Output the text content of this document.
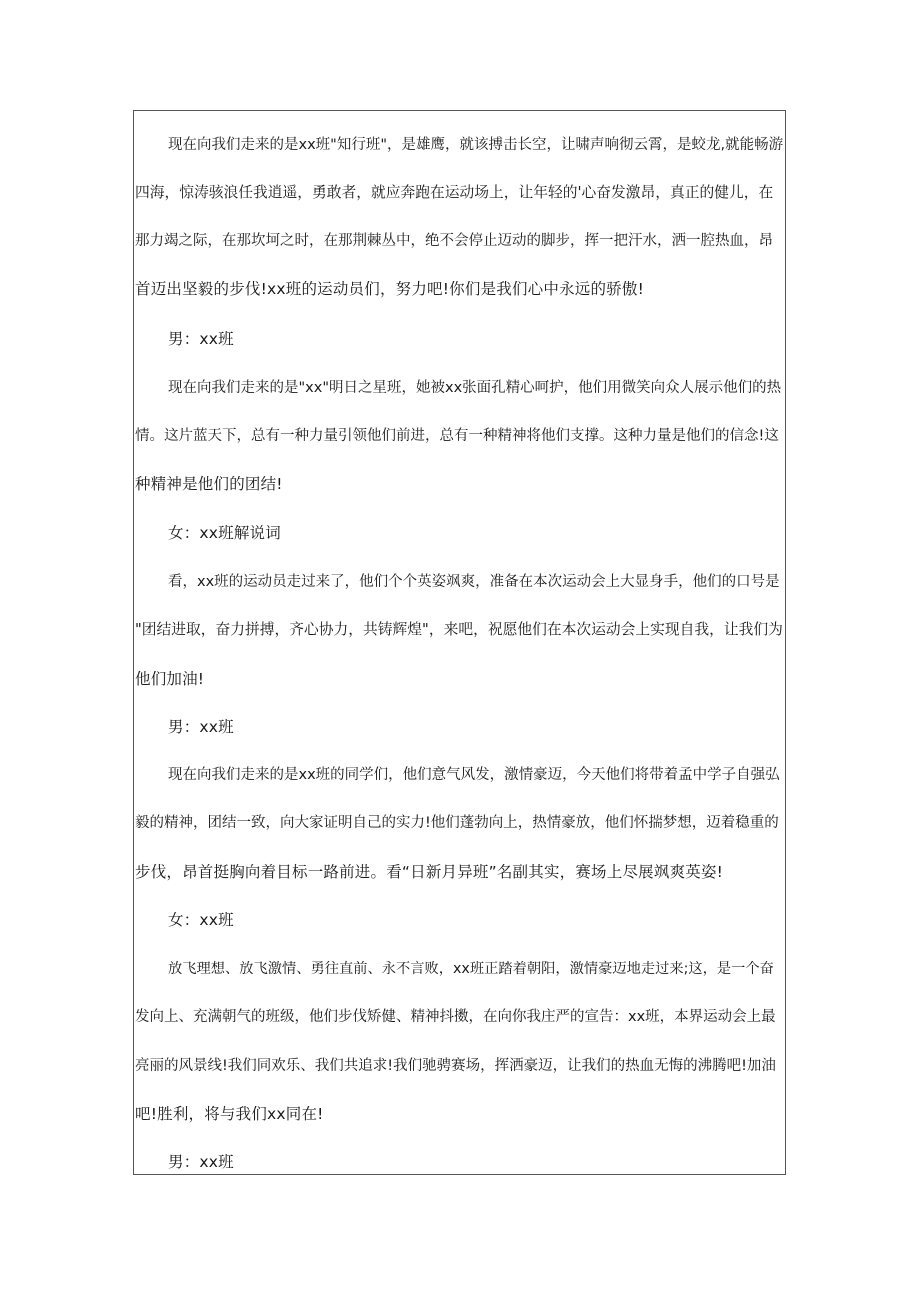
现在向我们走来的是xx班"知行班"，是雄鹰，就该搏击长空，让啸声响彻云霄，是蛟龙,就能畅游
四海，惊涛骇浪任我逍遥，勇敢者，就应奔跑在运动场上，让年轻的'心奋发激昂，真正的健儿，在
那力竭之际，在那坎坷之时，在那荆棘丛中，绝不会停止迈动的脚步，挥一把汗水，洒一腔热血，昂
首迈出坚毅的步伐!xx班的运动员们，努力吧!你们是我们心中永远的骄傲!
男：xx班
现在向我们走来的是"xx"明日之星班，她被xx张面孔精心呵护，他们用微笑向众人展示他们的热
情。这片蓝天下，总有一种力量引领他们前进，总有一种精神将他们支撑。这种力量是他们的信念!这
种精神是他们的团结!
女：xx班解说词
看，xx班的运动员走过来了，他们个个英姿飒爽，准备在本次运动会上大显身手，他们的口号是
"团结进取，奋力拼搏，齐心协力，共铸辉煌"，来吧，祝愿他们在本次运动会上实现自我，让我们为
他们加油!
男：xx班
现在向我们走来的是xx班的同学们，他们意气风发，激情豪迈，今天他们将带着孟中学子自强弘
毅的精神，团结一致，向大家证明自己的实力!他们蓬勃向上，热情豪放，他们怀揣梦想，迈着稳重的
步伐，昂首挺胸向着目标一路前进。看“日新月异班”名副其实，赛场上尽展飒爽英姿!
女：xx班
放飞理想、放飞激情、勇往直前、永不言败，xx班正踏着朝阳，激情豪迈地走过来;这，是一个奋
发向上、充满朝气的班级，他们步伐矫健、精神抖擞，在向你我庄严的宣告：xx班，本界运动会上最
亮丽的风景线!我们同欢乐、我们共追求!我们驰骋赛场，挥洒豪迈，让我们的热血无悔的沸腾吧!加油
吧!胜利，将与我们xx同在!
男：xx班
